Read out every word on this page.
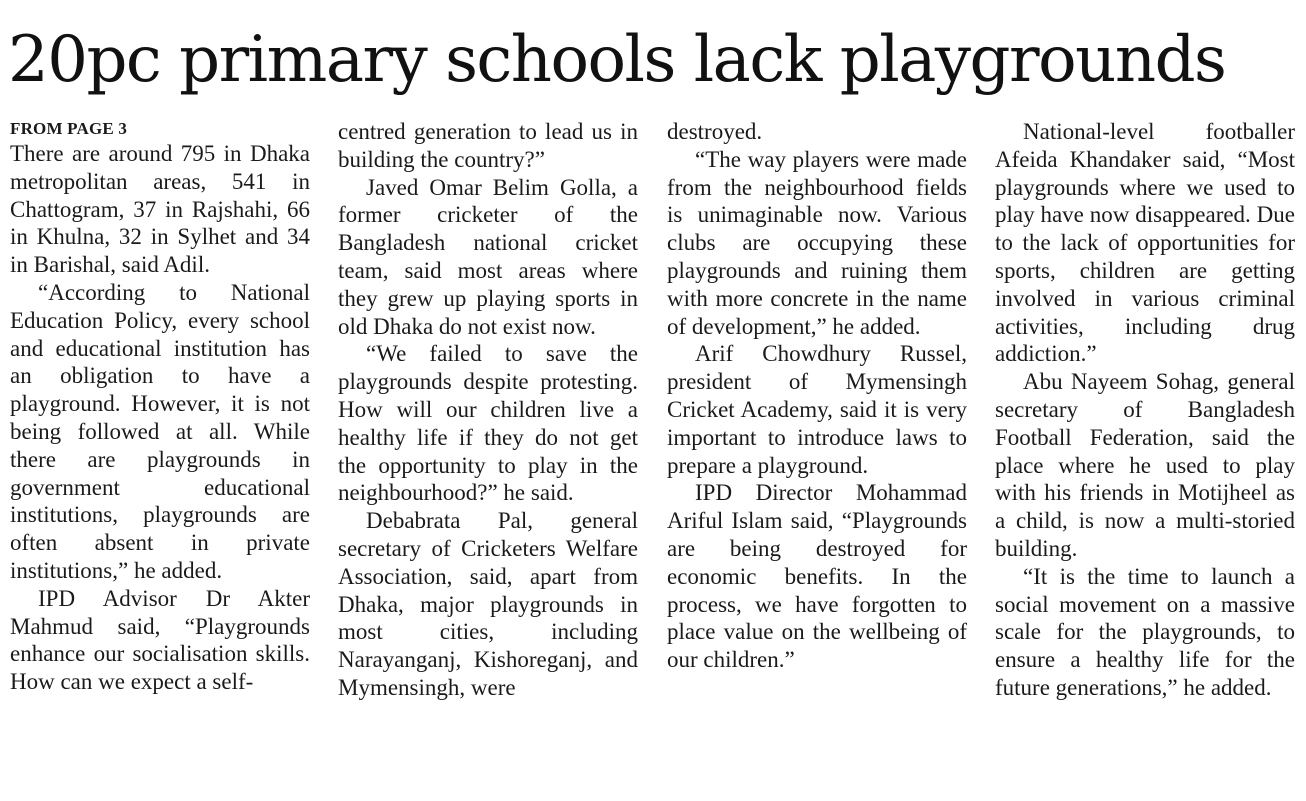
20pc primary schools lack playgrounds
FROM PAGE 3

There are around 795 in Dhaka metropolitan areas, 541 in Chattogram, 37 in Rajshahi, 66 in Khulna, 32 in Sylhet and 34 in Barishal, said Adil.

“According to National Education Policy, every school and educational institution has an obligation to have a playground. However, it is not being followed at all. While there are playgrounds in government educational institutions, playgrounds are often absent in private institutions,” he added.

IPD Advisor Dr Akter Mahmud said, “Playgrounds enhance our socialisation skills. How can we expect a self-

centred generation to lead us in building the country?”

Javed Omar Belim Golla, a former cricketer of the Bangladesh national cricket team, said most areas where they grew up playing sports in old Dhaka do not exist now.

“We failed to save the playgrounds despite protesting. How will our children live a healthy life if they do not get the opportunity to play in the neighbourhood?” he said.

Debabrata Pal, general secretary of Cricketers Welfare Association, said, apart from Dhaka, major playgrounds in most cities, including Narayanganj, Kishoreganj, and Mymensingh, were

destroyed.

“The way players were made from the neighbourhood fields is unimaginable now. Various clubs are occupying these playgrounds and ruining them with more concrete in the name of development,” he added.

Arif Chowdhury Russel, president of Mymensingh Cricket Academy, said it is very important to introduce laws to prepare a playground.

IPD Director Mohammad Ariful Islam said, “Playgrounds are being destroyed for economic benefits. In the process, we have forgotten to place value on the wellbeing of our children.”

National-level footballer Afeida Khandaker said, “Most playgrounds where we used to play have now disappeared. Due to the lack of opportunities for sports, children are getting involved in various criminal activities, including drug addiction.”

Abu Nayeem Sohag, general secretary of Bangladesh Football Federation, said the place where he used to play with his friends in Motijheel as a child, is now a multi-storied building.

“It is the time to launch a social movement on a massive scale for the playgrounds, to ensure a healthy life for the future generations,” he added.
